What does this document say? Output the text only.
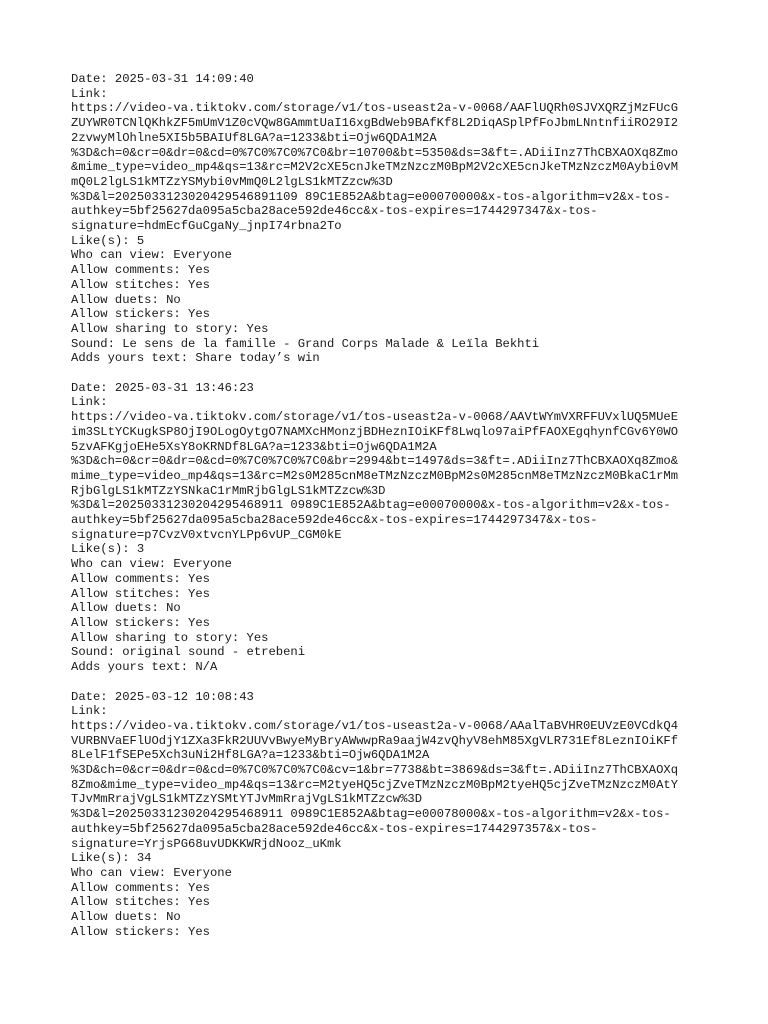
Date: 2025-03-31 14:09:40
Link:
https://video-va.tiktokv.com/storage/v1/tos-useast2a-v-0068/AAFlUQRh0SJVXQRZjMzFUcG
ZUYWR0TCNlQKhkZF5mUmV1Z0cVQw8GAmmtUaI16xgBdWeb9BAfKf8L2DiqASplPfFoJbmLNntnfiiRO29I2
2zvwyMlOhlne5XI5b5BAIUf8LGA?a=1233&bti=Ojw6QDA1M2A
%3D&ch=0&cr=0&dr=0&cd=0%7C0%7C0%7C0&br=10700&bt=5350&ds=3&ft=.ADiiInz7ThCBXAOXq8Zmo
&mime_type=video_mp4&qs=13&rc=M2V2cXE5cnJkeTMzNzczM0BpM2V2cXE5cnJkeTMzNzczM0Aybi0vM
mQ0L2lgLS1kMTZzYSMybi0vMmQ0L2lgLS1kMTZzcw%3D
%3D&l=2025033123020429546891109 89C1E852A&btag=e00070000&x-tos-algorithm=v2&x-tos-
authkey=5bf25627da095a5cba28ace592de46cc&x-tos-expires=1744297347&x-tos-
signature=hdmEcfGuCgaNy_jnpI74rbna2To
Like(s): 5
Who can view: Everyone
Allow comments: Yes
Allow stitches: Yes
Allow duets: No
Allow stickers: Yes
Allow sharing to story: Yes
Sound: Le sens de la famille - Grand Corps Malade & Leïla Bekhti
Adds yours text: Share today’s win
Date: 2025-03-31 13:46:23
Link:
https://video-va.tiktokv.com/storage/v1/tos-useast2a-v-0068/AAVtWYmVXRFFUVxlUQ5MUeE
im3SLtYCKugkSP8OjI9OLogOytgO7NAMXcHMonzjBDHeznIOiKFf8Lwqlo97aiPfFAOXEgqhynfCGv6Y0WO
5zvAFKgjoEHe5XsY8oKRNDf8LGA?a=1233&bti=Ojw6QDA1M2A
%3D&ch=0&cr=0&dr=0&cd=0%7C0%7C0%7C0&br=2994&bt=1497&ds=3&ft=.ADiiInz7ThCBXAOXq8Zmo&
mime_type=video_mp4&qs=13&rc=M2s0M285cnM8eTMzNzczM0BpM2s0M285cnM8eTMzNzczM0BkaC1rMm
RjbGlgLS1kMTZzYSNkaC1rMmRjbGlgLS1kMTZzcw%3D
%3D&l=20250331230204295468911 0989C1E852A&btag=e00070000&x-tos-algorithm=v2&x-tos-
authkey=5bf25627da095a5cba28ace592de46cc&x-tos-expires=1744297347&x-tos-
signature=p7CvzV0xtvcnYLPp6vUP_CGM0kE
Like(s): 3
Who can view: Everyone
Allow comments: Yes
Allow stitches: Yes
Allow duets: No
Allow stickers: Yes
Allow sharing to story: Yes
Sound: original sound - etrebeni
Adds yours text: N/A
Date: 2025-03-12 10:08:43
Link:
https://video-va.tiktokv.com/storage/v1/tos-useast2a-v-0068/AAalTaBVHR0EUVzE0VCdkQ4
VURBNVaEFlUOdjY1ZXa3FkR2UUVvBwyeMyBryAWwwpRa9aajW4zvQhyV8ehM85XgVLR731Ef8LeznIOiKFf
8LelF1fSEPe5Xch3uNi2Hf8LGA?a=1233&bti=Ojw6QDA1M2A
%3D&ch=0&cr=0&dr=0&cd=0%7C0%7C0%7C0&cv=1&br=7738&bt=3869&ds=3&ft=.ADiiInz7ThCBXAOXq
8Zmo&mime_type=video_mp4&qs=13&rc=M2tyeHQ5cjZveTMzNzczM0BpM2tyeHQ5cjZveTMzNzczM0AtY
TJvMmRrajVgLS1kMTZzYSMtYTJvMmRrajVgLS1kMTZzcw%3D
%3D&l=20250331230204295468911 0989C1E852A&btag=e00078000&x-tos-algorithm=v2&x-tos-
authkey=5bf25627da095a5cba28ace592de46cc&x-tos-expires=1744297357&x-tos-
signature=YrjsPG68uvUDKKWRjdNooz_uKmk
Like(s): 34
Who can view: Everyone
Allow comments: Yes
Allow stitches: Yes
Allow duets: No
Allow stickers: Yes
